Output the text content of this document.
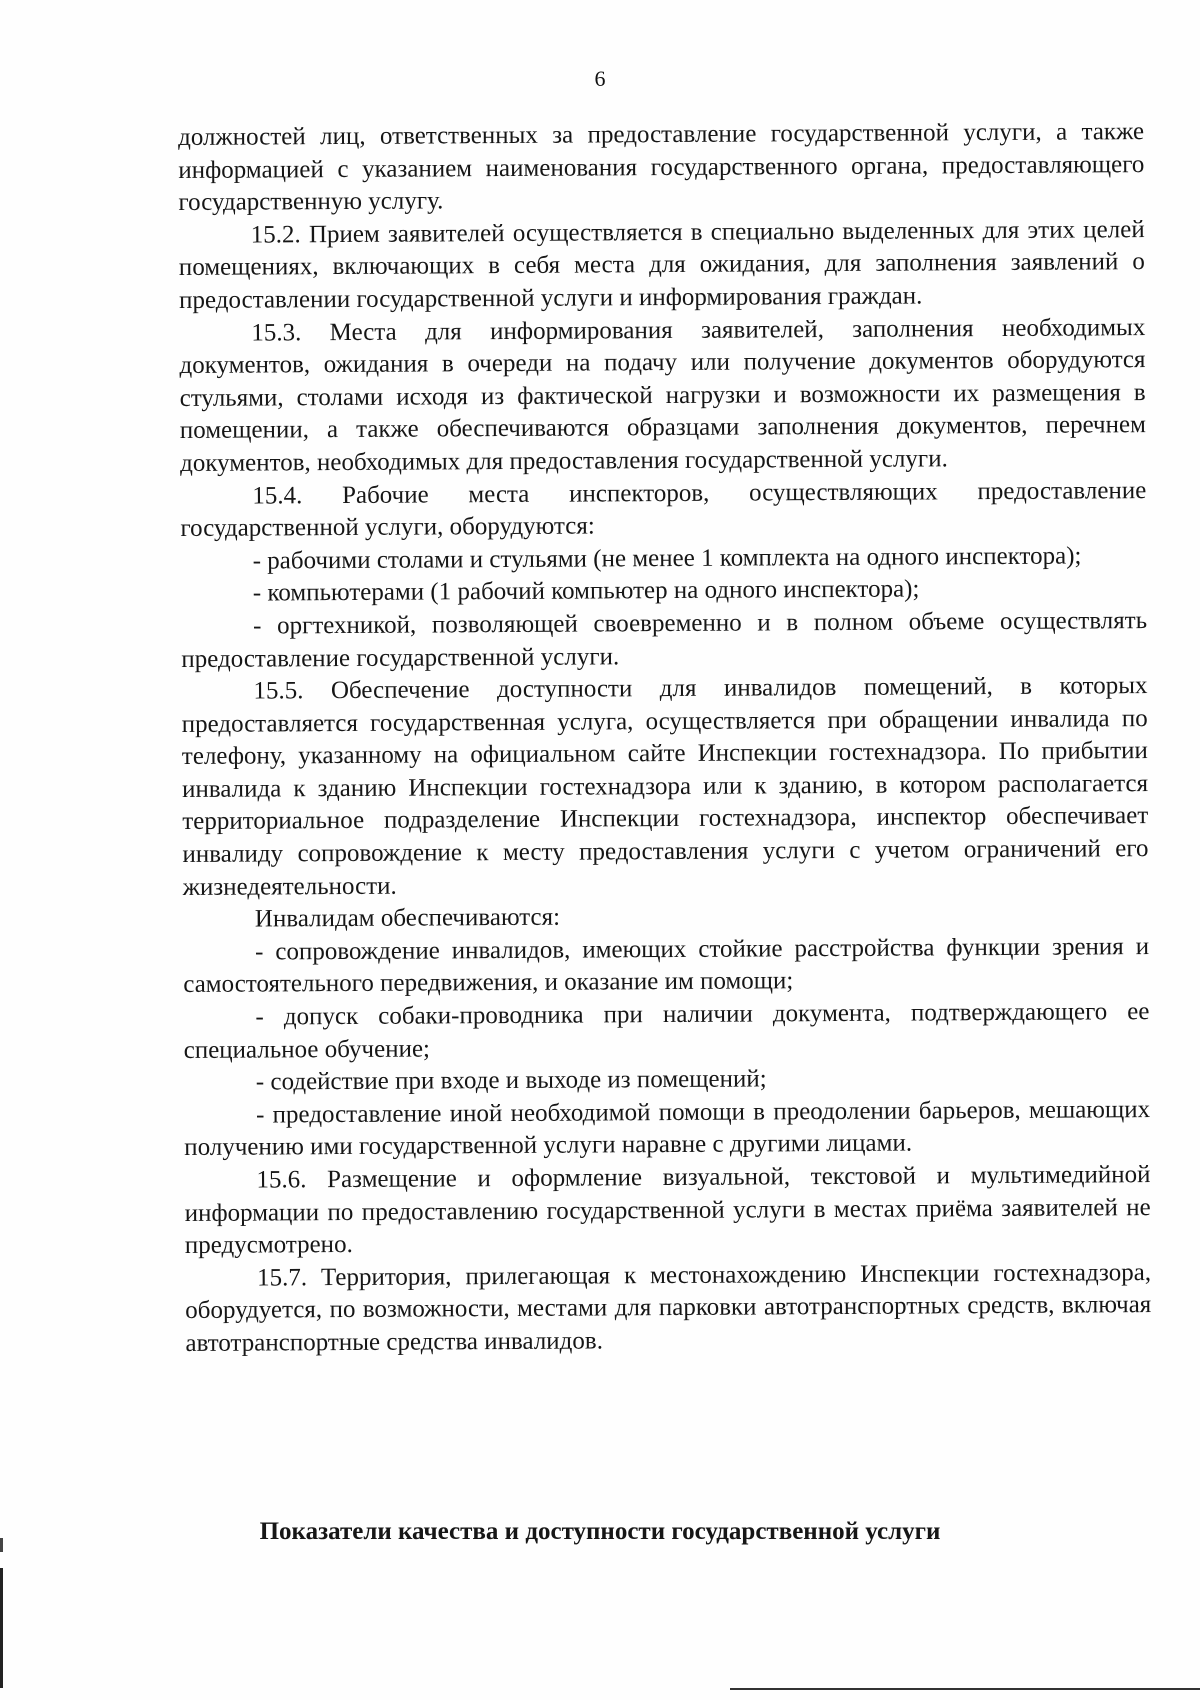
6

должностей лиц, ответственных за предоставление государственной услуги, а также информацией с указанием наименования государственного органа, предоставляющего государственную услугу.

15.2. Прием заявителей осуществляется в специально выделенных для этих целей помещениях, включающих в себя места для ожидания, для заполнения заявлений о предоставлении государственной услуги и информирования граждан.

15.3. Места для информирования заявителей, заполнения необходимых документов, ожидания в очереди на подачу или получение документов оборудуются стульями, столами исходя из фактической нагрузки и возможности их размещения в помещении, а также обеспечиваются образцами заполнения документов, перечнем документов, необходимых для предоставления государственной услуги.

15.4. Рабочие места инспекторов, осуществляющих предоставление государственной услуги, оборудуются:

- рабочими столами и стульями (не менее 1 комплекта на одного инспектора);

- компьютерами (1 рабочий компьютер на одного инспектора);

- оргтехникой, позволяющей своевременно и в полном объеме осуществлять предоставление государственной услуги.

15.5. Обеспечение доступности для инвалидов помещений, в которых предоставляется государственная услуга, осуществляется при обращении инвалида по телефону, указанному на официальном сайте Инспекции гостехнадзора. По прибытии инвалида к зданию Инспекции гостехнадзора или к зданию, в котором располагается территориальное подразделение Инспекции гостехнадзора, инспектор обеспечивает инвалиду сопровождение к месту предоставления услуги с учетом ограничений его жизнедеятельности.

Инвалидам обеспечиваются:

- сопровождение инвалидов, имеющих стойкие расстройства функции зрения и самостоятельного передвижения, и оказание им помощи;

- допуск собаки-проводника при наличии документа, подтверждающего ее специальное обучение;

- содействие при входе и выходе из помещений;

- предоставление иной необходимой помощи в преодолении барьеров, мешающих получению ими государственной услуги наравне с другими лицами.

15.6. Размещение и оформление визуальной, текстовой и мультимедийной информации по предоставлению государственной услуги в местах приёма заявителей не предусмотрено.

15.7. Территория, прилегающая к местонахождению Инспекции гостехнадзора, оборудуется, по возможности, местами для парковки автотранспортных средств, включая автотранспортные средства инвалидов.

Показатели качества и доступности государственной услуги
